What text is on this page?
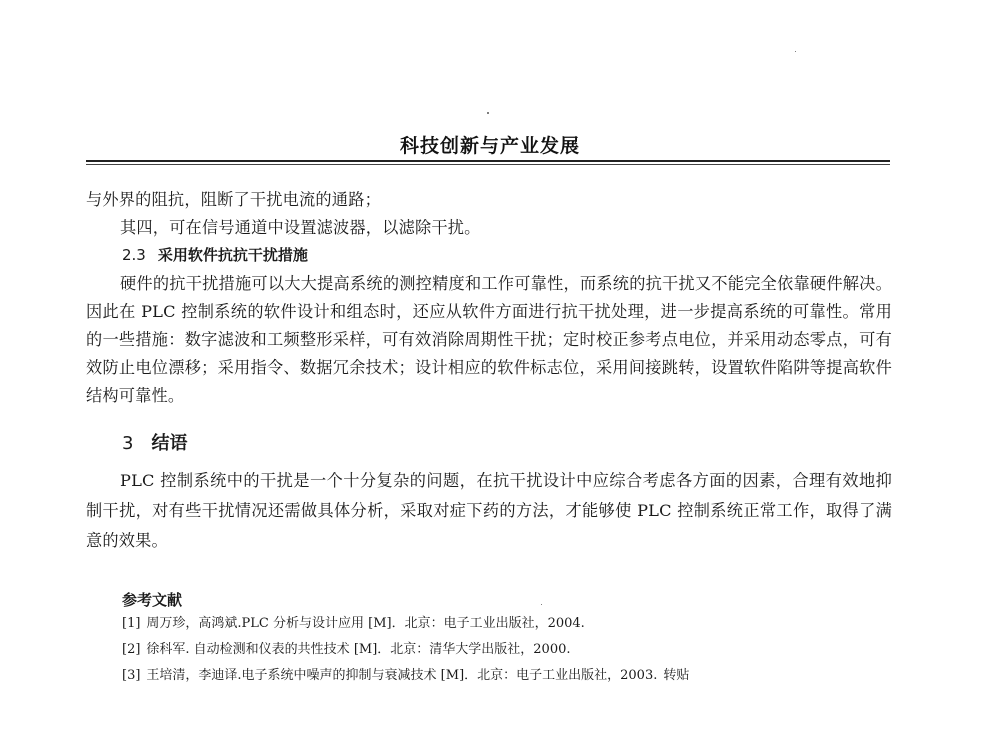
科技创新与产业发展

与外界的阻抗，阻断了干扰电流的通路；

其四，可在信号通道中设置滤波器，以滤除干扰。

2.3 采用软件抗抗干扰措施

硬件的抗干扰措施可以大大提高系统的测控精度和工作可靠性，而系统的抗干扰又不能完全依靠硬件解决。因此在 PLC 控制系统的软件设计和组态时，还应从软件方面进行抗干扰处理，进一步提高系统的可靠性。常用的一些措施：数字滤波和工频整形采样，可有效消除周期性干扰；定时校正参考点电位，并采用动态零点，可有效防止电位漂移；采用指令、数据冗余技术；设计相应的软件标志位，采用间接跳转，设置软件陷阱等提高软件结构可靠性。

3 结语

PLC 控制系统中的干扰是一个十分复杂的问题，在抗干扰设计中应综合考虑各方面的因素，合理有效地抑制干扰，对有些干扰情况还需做具体分析，采取对症下药的方法，才能够使 PLC 控制系统正常工作，取得了满意的效果。

参考文献
[1] 周万珍，高鸿斌.PLC 分析与设计应用 [M]．北京：电子工业出版社，2004.
[2] 徐科军. 自动检测和仪表的共性技术 [M]．北京：清华大学出版社，2000.
[3] 王培清，李迪译.电子系统中噪声的抑制与衰减技术 [M]．北京：电子工业出版社，2003. 转贴
